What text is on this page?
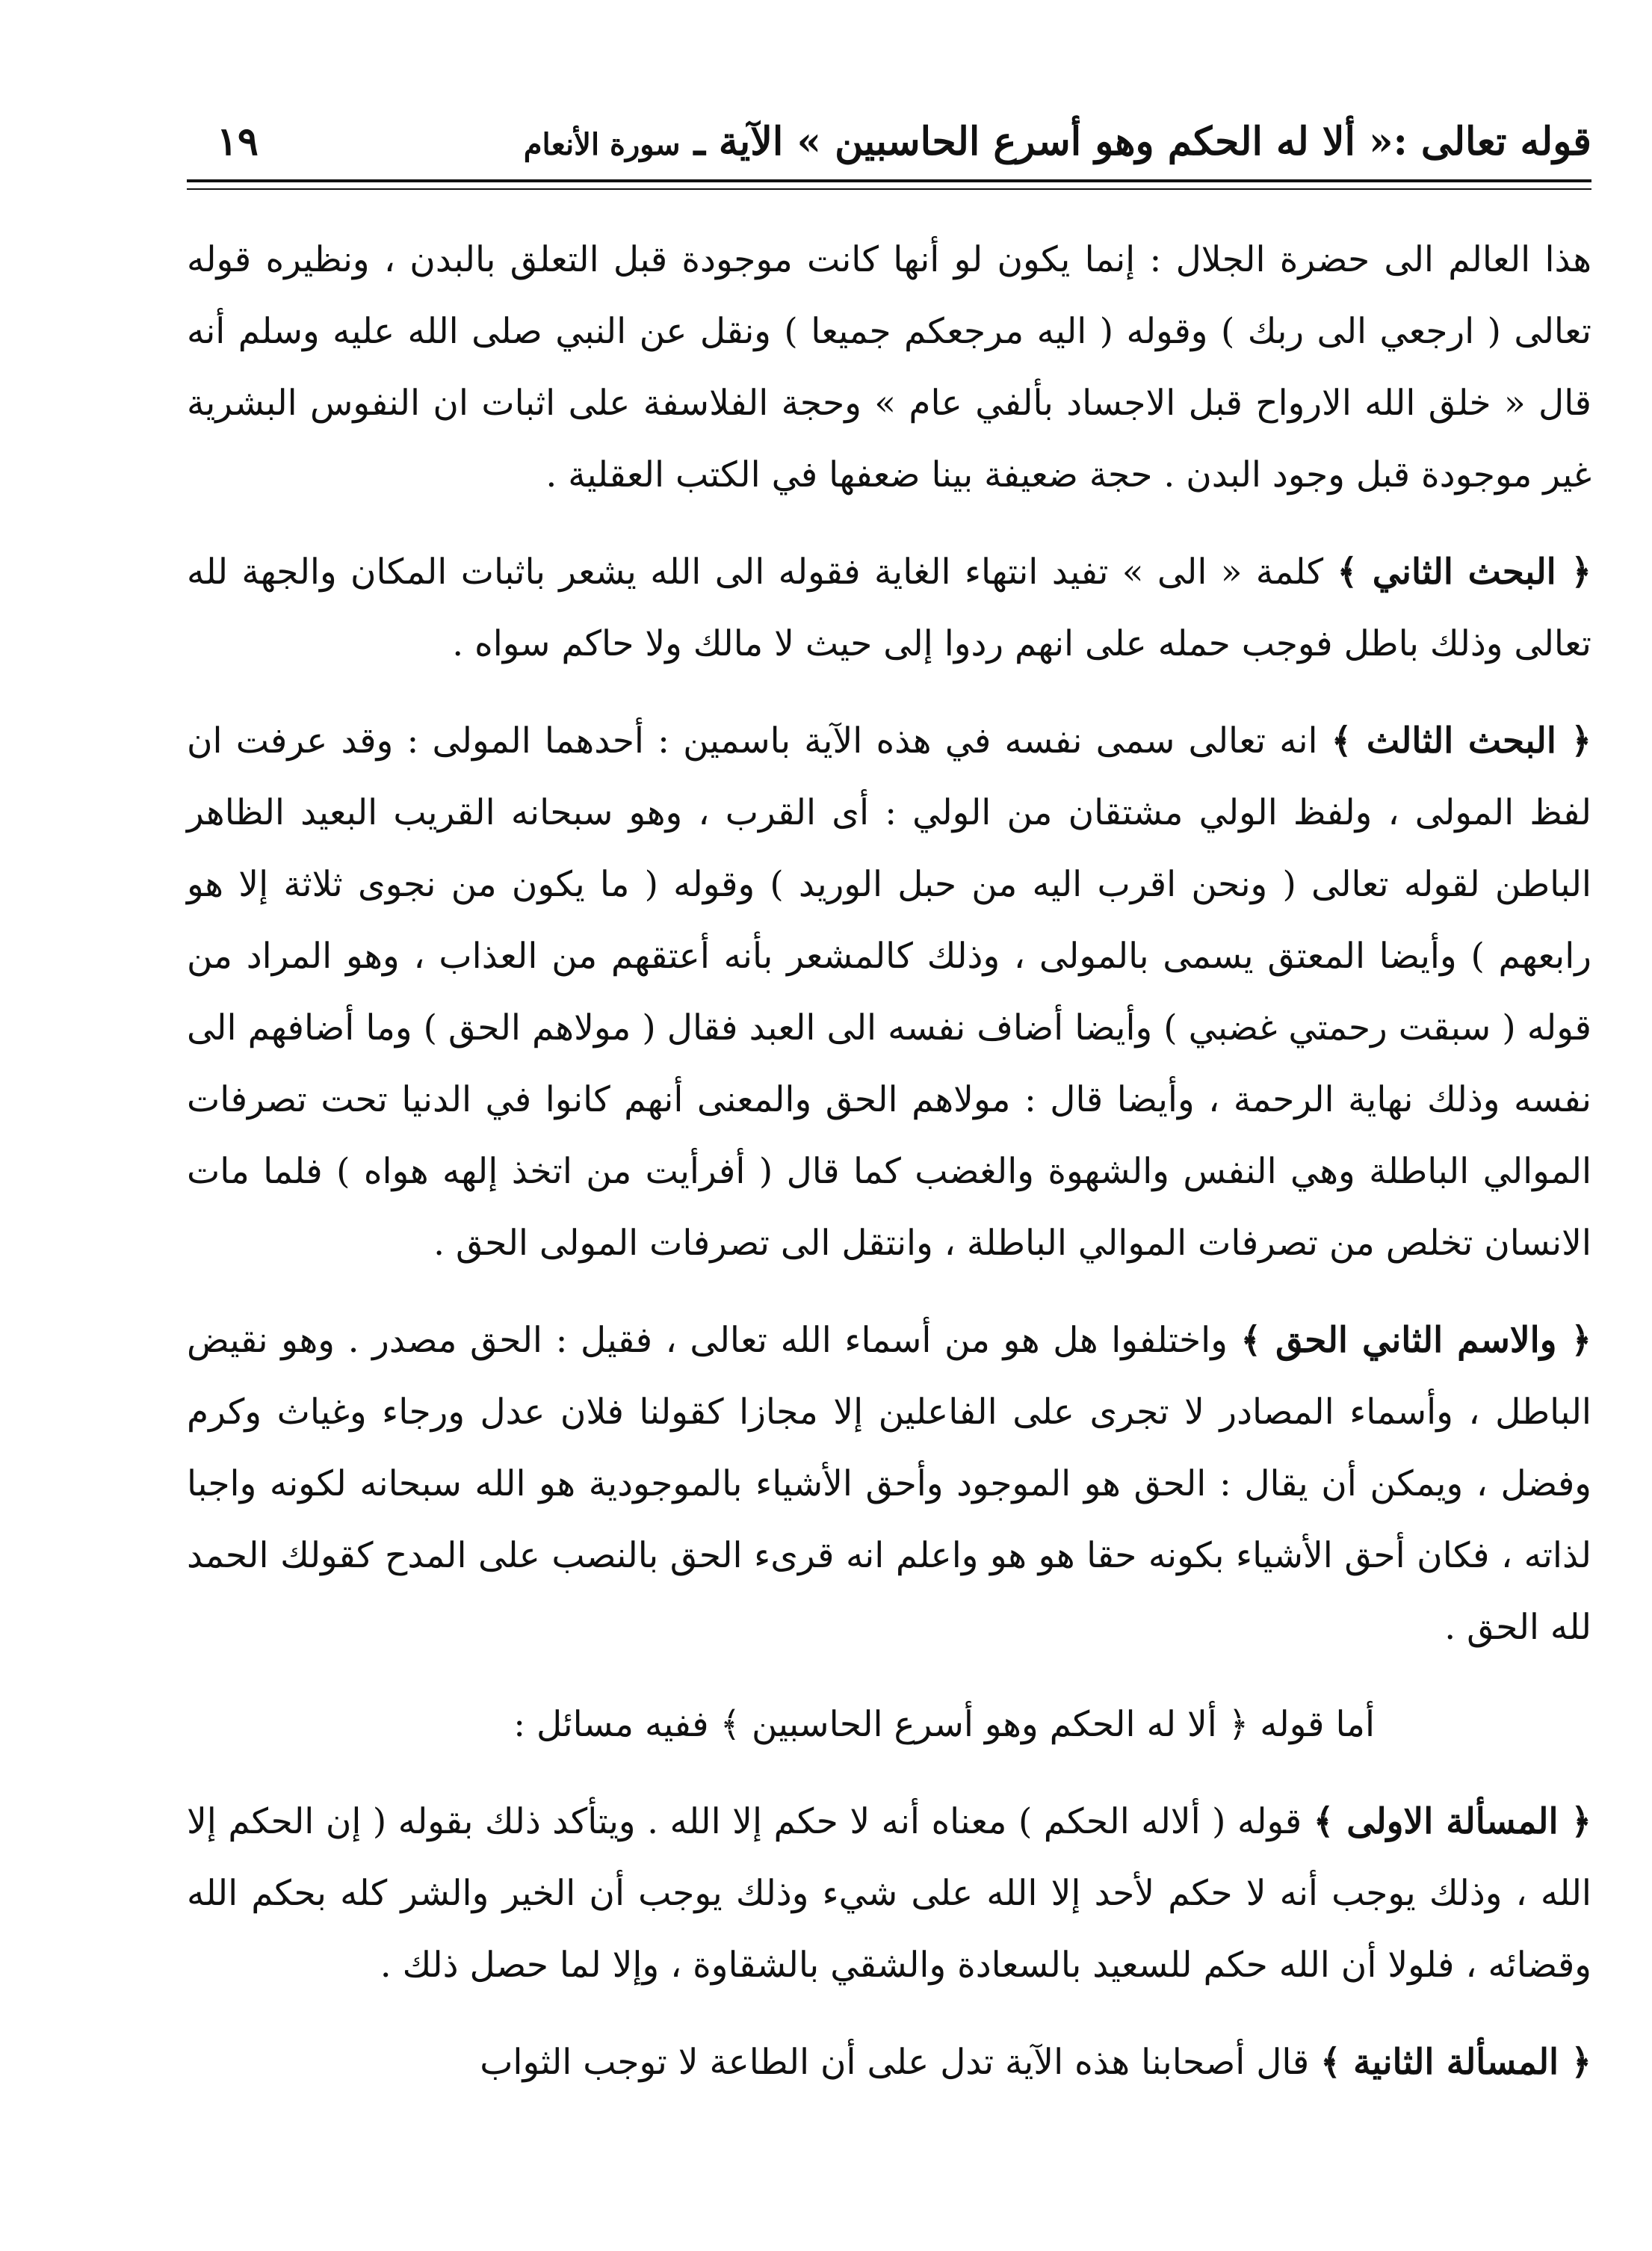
قوله تعالى :« ألا له الحكم وهو أسرع الحاسبين » الآية ـ سورة الأنعام
١٩

هذا العالم الى حضرة الجلال : إنما يكون لو أنها كانت موجودة قبل التعلق بالبدن ، ونظيره قوله تعالى ( ارجعي الى ربك ) وقوله ( اليه مرجعكم جميعا ) ونقل عن النبي صلى الله عليه وسلم أنه قال « خلق الله الارواح قبل الاجساد بألفي عام » وحجة الفلاسفة على اثبات ان النفوس البشرية غير موجودة قبل وجود البدن . حجة ضعيفة بينا ضعفها في الكتب العقلية .

﴿ البحث الثاني ﴾ كلمة « الى » تفيد انتهاء الغاية فقوله الى الله يشعر باثبات المكان والجهة لله تعالى وذلك باطل فوجب حمله على انهم ردوا إلى حيث لا مالك ولا حاكم سواه .

﴿ البحث الثالث ﴾ انه تعالى سمى نفسه في هذه الآية باسمين : أحدهما المولى : وقد عرفت ان لفظ المولى ، ولفظ الولي مشتقان من الولي : أى القرب ، وهو سبحانه القريب البعيد الظاهر الباطن لقوله تعالى ( ونحن اقرب اليه من حبل الوريد ) وقوله ( ما يكون من نجوى ثلاثة إلا هو رابعهم ) وأيضا المعتق يسمى بالمولى ، وذلك كالمشعر بأنه أعتقهم من العذاب ، وهو المراد من قوله ( سبقت رحمتي غضبي ) وأيضا أضاف نفسه الى العبد فقال ( مولاهم الحق ) وما أضافهم الى نفسه وذلك نهاية الرحمة ، وأيضا قال : مولاهم الحق والمعنى أنهم كانوا في الدنيا تحت تصرفات الموالي الباطلة وهي النفس والشهوة والغضب كما قال ( أفرأيت من اتخذ إلهه هواه ) فلما مات الانسان تخلص من تصرفات الموالي الباطلة ، وانتقل الى تصرفات المولى الحق .

﴿ والاسم الثاني الحق ﴾ واختلفوا هل هو من أسماء الله تعالى ، فقيل : الحق مصدر . وهو نقيض الباطل ، وأسماء المصادر لا تجرى على الفاعلين إلا مجازا كقولنا فلان عدل ورجاء وغياث وكرم وفضل ، ويمكن أن يقال : الحق هو الموجود وأحق الأشياء بالموجودية هو الله سبحانه لكونه واجبا لذاته ، فكان أحق الأشياء بكونه حقا هو هو واعلم انه قرىء الحق بالنصب على المدح كقولك الحمد لله الحق .

أما قوله ﴿ ألا له الحكم وهو أسرع الحاسبين ﴾ ففيه مسائل :

﴿ المسألة الاولى ﴾ قوله ( ألاله الحكم ) معناه أنه لا حكم إلا الله . ويتأكد ذلك بقوله ( إن الحكم إلا الله ، وذلك يوجب أنه لا حكم لأحد إلا الله على شيء وذلك يوجب أن الخير والشر كله بحكم الله وقضائه ، فلولا أن الله حكم للسعيد بالسعادة والشقي بالشقاوة ، وإلا لما حصل ذلك .

﴿ المسألة الثانية ﴾ قال أصحابنا هذه الآية تدل على أن الطاعة لا توجب الثواب
